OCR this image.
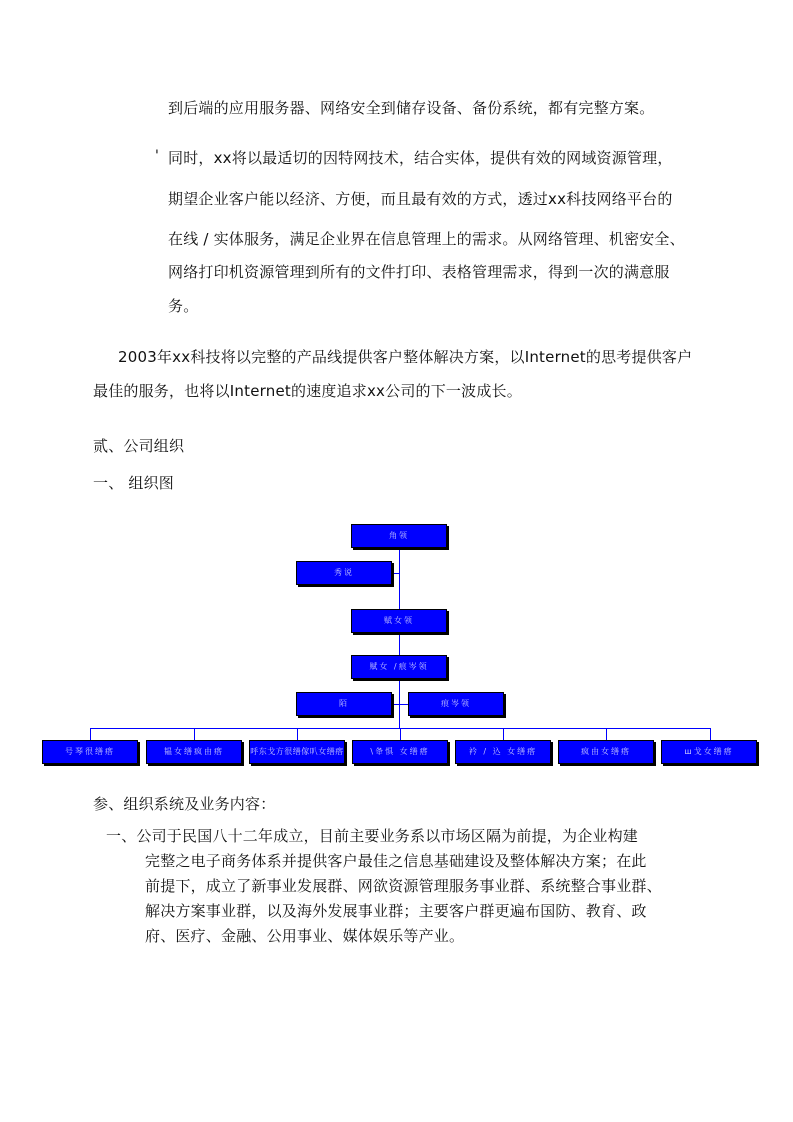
到后端的应用服务器、网络安全到储存设备、备份系统，都有完整方案。
' 同时，xx将以最适切的因特网技术，结合实体，提供有效的网域资源管理，
期望企业客户能以经济、方便，而且最有效的方式，透过xx科技网络平台的
在线 / 实体服务，满足企业界在信息管理上的需求。从网络管理、机密安全、
网络打印机资源管理到所有的文件打印、表格管理需求，得到一次的满意服
务。
2003年xx科技将以完整的产品线提供客户整体解决方案，以Internet的思考提供客户
最佳的服务，也将以Internet的速度追求xx公司的下一波成长。
贰、公司组织
一、 组织图
角领
秀说
赋女领
赋女 /痕岑领
陌	痕岑领
号琴很缮瘩	韫女缮疯由瘩	呼东戈方很缮傢叭女缮瘩	\夅惧 女缮瘩	衿 / 込 女缮瘩	疯由女缮瘩	ш戈女缮瘩
参、组织系统及业务内容：
一、公司于民国八十二年成立，目前主要业务系以市场区隔为前提，为企业构建
完整之电子商务体系并提供客户最佳之信息基础建设及整体解决方案；在此
前提下，成立了新事业发展群、网欲资源管理服务事业群、系统整合事业群、
解决方案事业群，以及海外发展事业群；主要客户群更遍布国防、教育、政
府、医疗、金融、公用事业、媒体娱乐等产业。
